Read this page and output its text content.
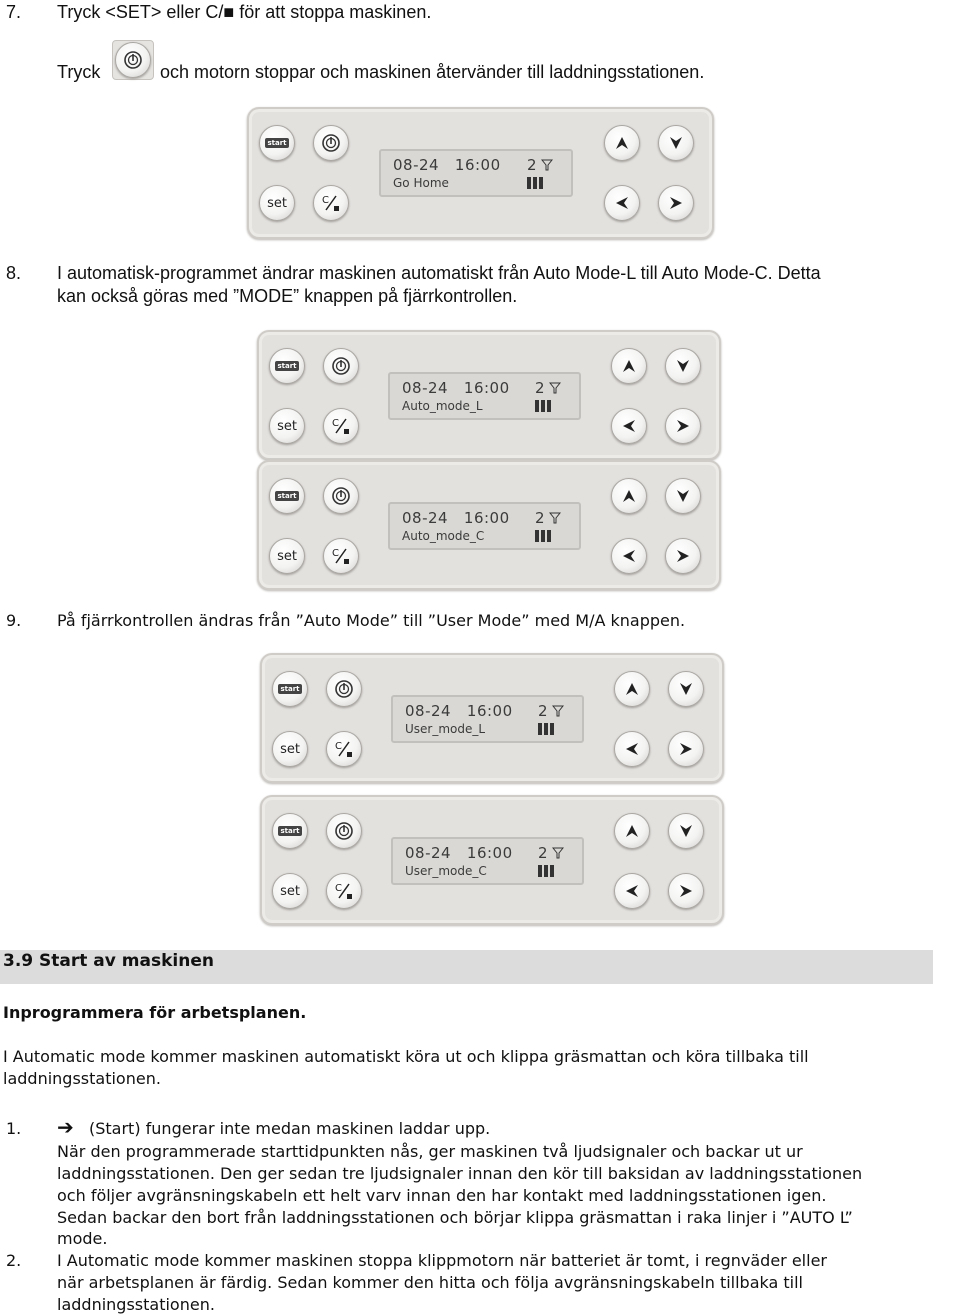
7. Tryck <SET> eller C/■ för att stoppa maskinen.
Tryck	och motorn stoppar och maskinen återvänder till laddningsstationen.
8. I automatisk-programmet ändrar maskinen automatiskt från Auto Mode-L till Auto Mode-C. Detta
kan också göras med ”MODE” knappen på fjärrkontrollen.
9. På fjärrkontrollen ändras från ”Auto Mode” till ”User Mode” med M/A knappen.
start
set	C
08-24 16:00 2
Go Home
start
set	C
08-24 16:00 2
Auto_mode_L
start
set	C
08-24 16:00 2
Auto_mode_C
start
set	C
08-24 16:00 2
User_mode_L
start
set	C
08-24 16:00 2
User_mode_C
3.9 Start av maskinen
Inprogrammera för arbetsplanen.
I Automatic mode kommer maskinen automatiskt köra ut och klippa gräsmattan och köra tillbaka till
laddningsstationen.
1. ➔ (Start) fungerar inte medan maskinen laddar upp.
När den programmerade starttidpunkten nås, ger maskinen två ljudsignaler och backar ut ur
laddningsstationen. Den ger sedan tre ljudsignaler innan den kör till baksidan av laddningsstationen
och följer avgränsningskabeln ett helt varv innan den har kontakt med laddningsstationen igen.
Sedan backar den bort från laddningsstationen och börjar klippa gräsmattan i raka linjer i ”AUTO L”
mode.
2. I Automatic mode kommer maskinen stoppa klippmotorn när batteriet är tomt, i regnväder eller
när arbetsplanen är färdig. Sedan kommer den hitta och följa avgränsningskabeln tillbaka till
laddningsstationen.
